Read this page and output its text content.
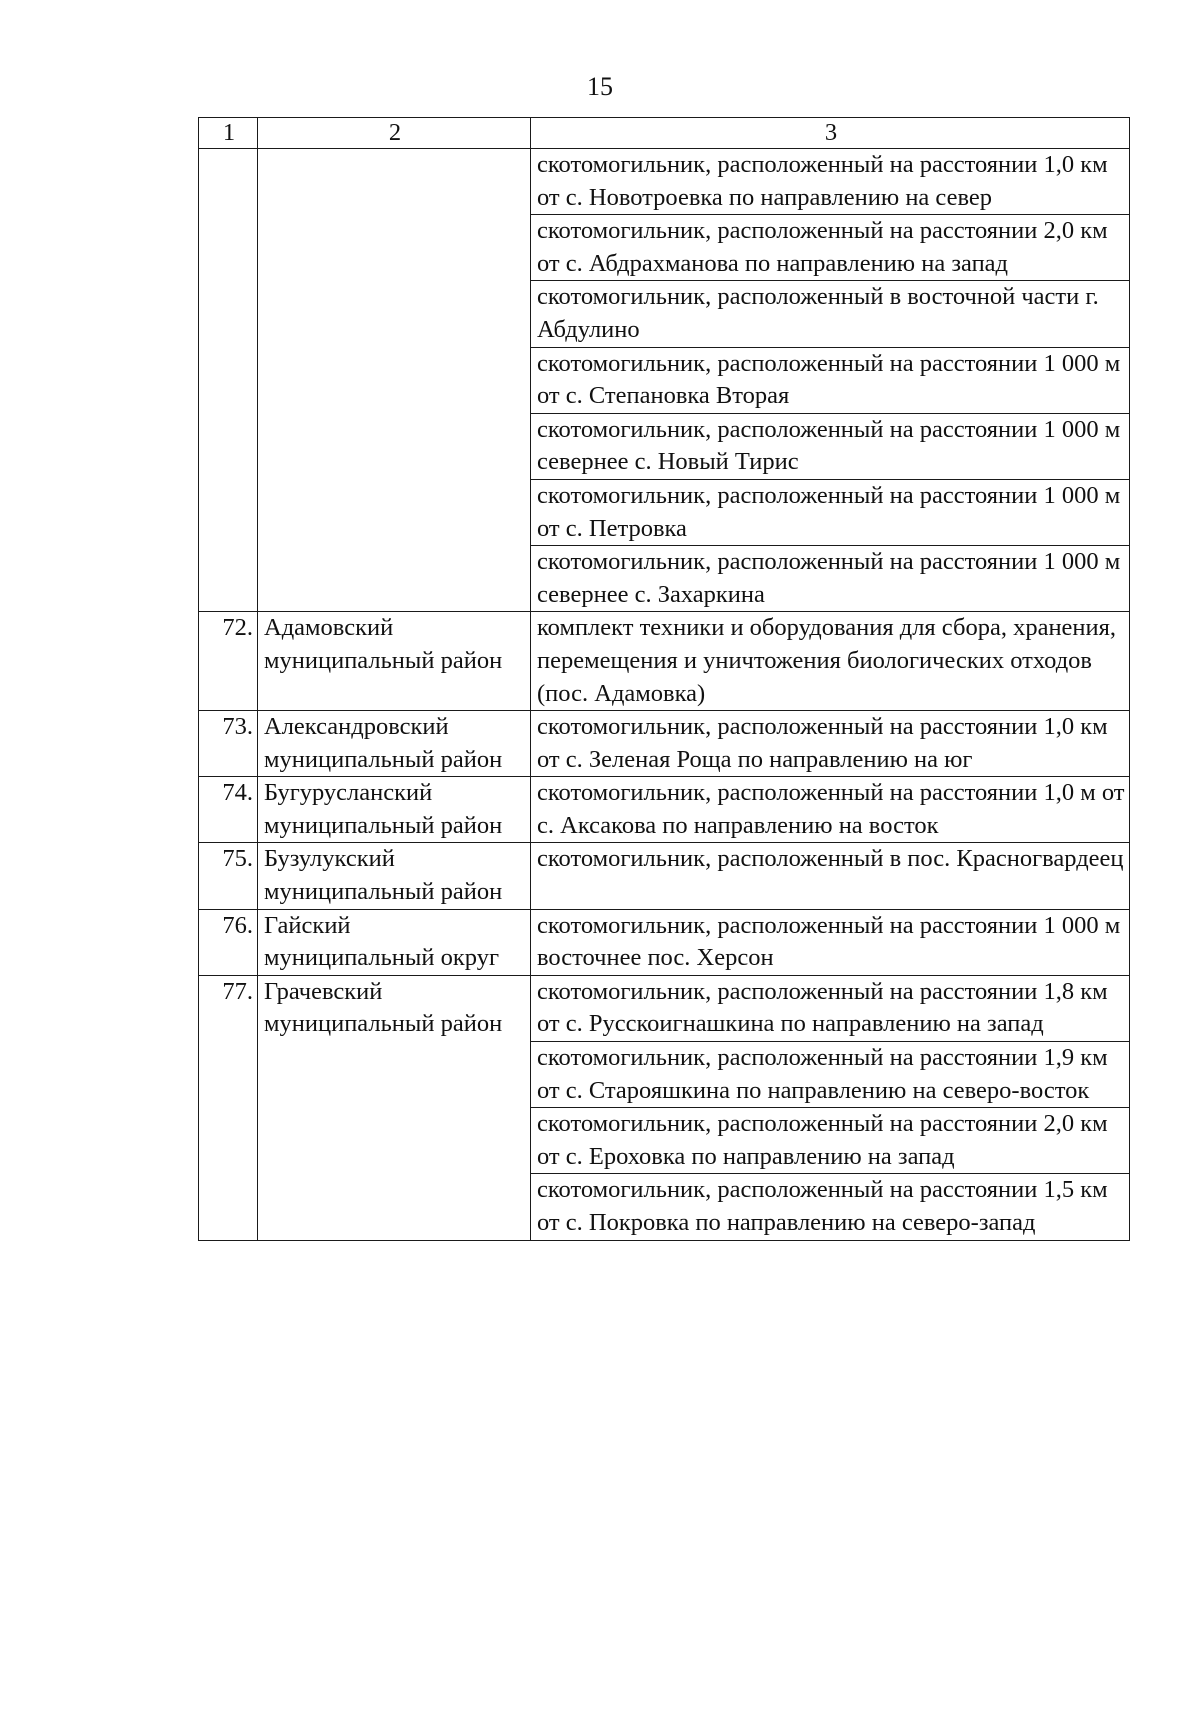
15
1	2	3
		скотомогильник, расположенный на расстоянии 1,0 км от с. Новотроевка по направлению на север
		скотомогильник, расположенный на расстоянии 2,0 км от с. Абдрахманова по направлению на запад
		скотомогильник, расположенный в восточной части г. Абдулино
		скотомогильник, расположенный на расстоянии 1 000 м от с. Степановка Вторая
		скотомогильник, расположенный на расстоянии 1 000 м севернее с. Новый Тирис
		скотомогильник, расположенный на расстоянии 1 000 м от с. Петровка
		скотомогильник, расположенный на расстоянии 1 000 м севернее с. Захаркина
72.	Адамовский муниципальный район	комплект техники и оборудования для сбора, хранения, перемещения и уничтожения биологических отходов (пос. Адамовка)
73.	Александровский муниципальный район	скотомогильник, расположенный на расстоянии 1,0 км от с. Зеленая Роща по направлению на юг
74.	Бугурусланский муниципальный район	скотомогильник, расположенный на расстоянии 1,0 м от с. Аксакова по направлению на восток
75.	Бузулукский муниципальный район	скотомогильник, расположенный в пос. Красногвардеец
76.	Гайский муниципальный округ	скотомогильник, расположенный на расстоянии 1 000 м восточнее пос. Херсон
77.	Грачевский муниципальный район	скотомогильник, расположенный на расстоянии 1,8 км от с. Русскоигнашкина по направлению на запад
		скотомогильник, расположенный на расстоянии 1,9 км от с. Старояшкина по направлению на северо-восток
		скотомогильник, расположенный на расстоянии 2,0 км от с. Ероховка по направлению на запад
		скотомогильник, расположенный на расстоянии 1,5 км от с. Покровка по направлению на северо-запад
